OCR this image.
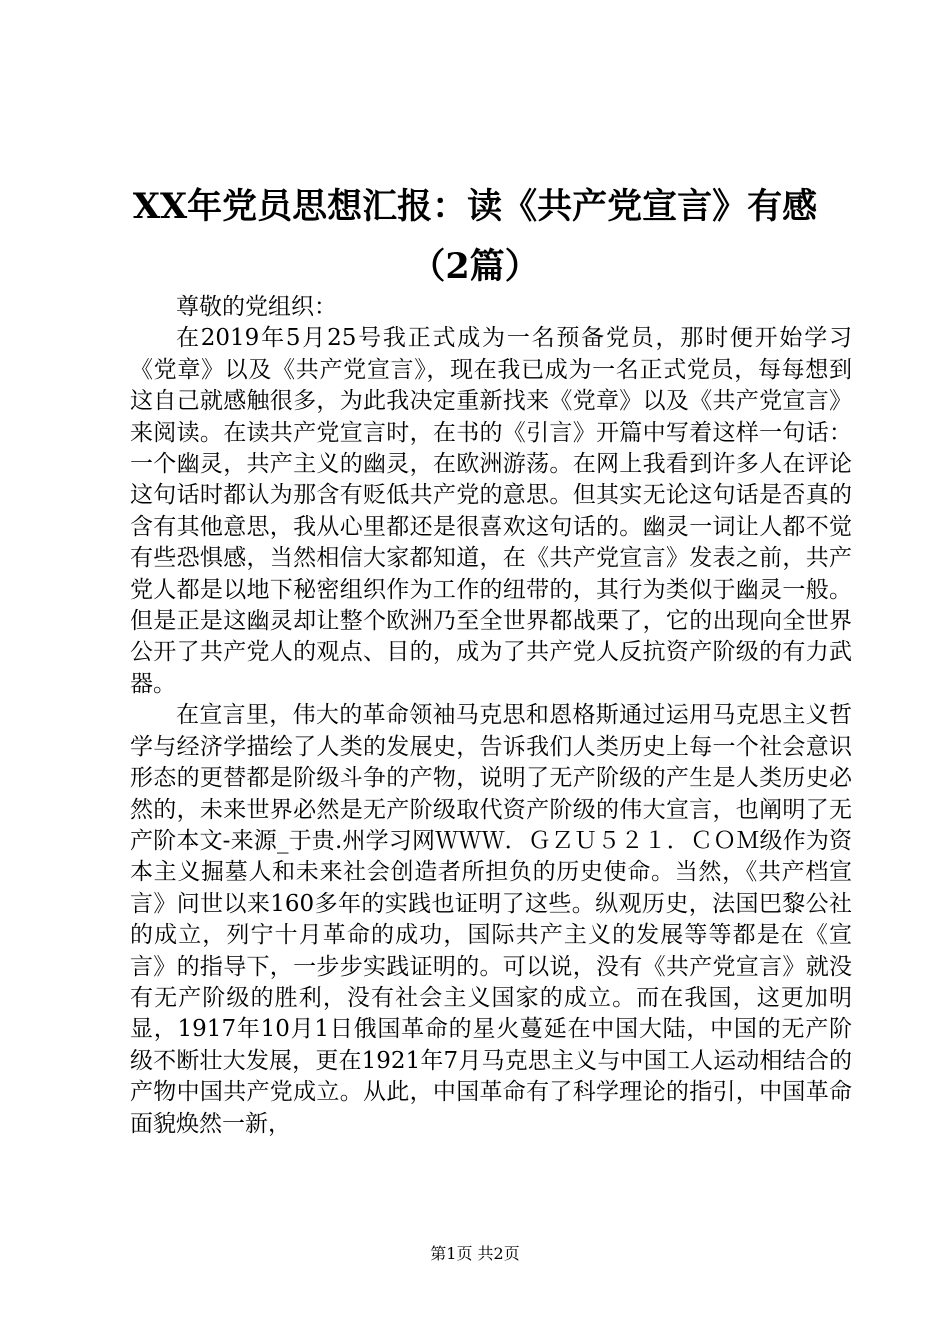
XX年党员思想汇报：读《共产党宣言》有感
（2篇）

尊敬的党组织：

在2019年5月25号我正式成为一名预备党员，那时便开始学习《党章》以及《共产党宣言》，现在我已成为一名正式党员，每每想到这自己就感触很多，为此我决定重新找来《党章》以及《共产党宣言》来阅读。在读共产党宣言时，在书的《引言》开篇中写着这样一句话：一个幽灵，共产主义的幽灵，在欧洲游荡。在网上我看到许多人在评论这句话时都认为那含有贬低共产党的意思。但其实无论这句话是否真的含有其他意思，我从心里都还是很喜欢这句话的。幽灵一词让人都不觉有些恐惧感，当然相信大家都知道，在《共产党宣言》发表之前，共产党人都是以地下秘密组织作为工作的纽带的，其行为类似于幽灵一般。但是正是这幽灵却让整个欧洲乃至全世界都战栗了，它的出现向全世界公开了共产党人的观点、目的，成为了共产党人反抗资产阶级的有力武器。

在宣言里，伟大的革命领袖马克思和恩格斯通过运用马克思主义哲学与经济学描绘了人类的发展史，告诉我们人类历史上每一个社会意识形态的更替都是阶级斗争的产物，说明了无产阶级的产生是人类历史必然的，未来世界必然是无产阶级取代资产阶级的伟大宣言，也阐明了无产阶本文-来源_于贵.州学习网ＷＷＷ．ＧＺＵ５２１．ＣＯＭ级作为资本主义掘墓人和未来社会创造者所担负的历史使命。当然，《共产档宣言》问世以来160多年的实践也证明了这些。纵观历史，法国巴黎公社的成立，列宁十月革命的成功，国际共产主义的发展等等都是在《宣言》的指导下，一步步实践证明的。可以说，没有《共产党宣言》就没有无产阶级的胜利，没有社会主义国家的成立。而在我国，这更加明显，1917年10月1日俄国革命的星火蔓延在中国大陆，中国的无产阶级不断壮大发展，更在1921年7月马克思主义与中国工人运动相结合的产物中国共产党成立。从此，中国革命有了科学理论的指引，中国革命面貌焕然一新，

第1页 共2页
